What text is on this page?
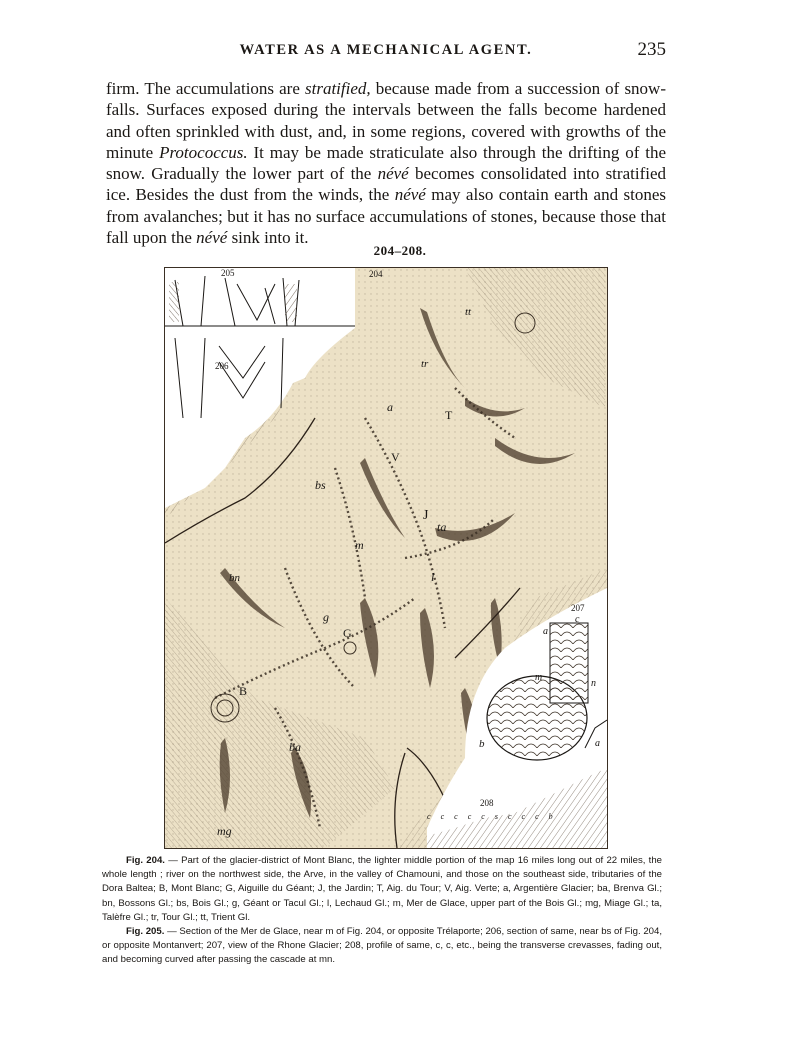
WATER AS A MECHANICAL AGENT.	235
firm. The accumulations are stratified, because made from a succession of snow-falls. Surfaces exposed during the intervals between the falls become hardened and often sprinkled with dust, and, in some regions, covered with growths of the minute Protococcus. It may be made straticulate also through the drifting of the snow. Gradually the lower part of the névé becomes consolidated into stratified ice. Besides the dust from the winds, the névé may also contain earth and stones from avalanches; but it has no surface accumulations of stones, because those that fall upon the névé sink into it.
204–208.
205	204
206
207
208
tt
tr
a
T
V
bs
J
ta
m
l
bn
g
G
B
ba
mg
c
a
m
n
b	a
c c c c c s c c c b

Fig. 204. — Part of the glacier-district of Mont Blanc, the lighter middle portion of the map 16 miles long out of 22 miles, the whole length ; river on the northwest side, the Arve, in the valley of Chamouni, and those on the southeast side, tributaries of the Dora Baltea; B, Mont Blanc; G, Aiguille du Géant; J, the Jardin; T, Aig. du Tour; V, Aig. Verte; a, Argentière Glacier; ba, Brenva Gl.; bn, Bossons Gl.; bs, Bois Gl.; g, Géant or Tacul Gl.; l, Lechaud Gl.; m, Mer de Glace, upper part of the Bois Gl.; mg, Miage Gl.; ta, Talèfre Gl.; tr, Tour Gl.; tt, Trient Gl.

Fig. 205. — Section of the Mer de Glace, near m of Fig. 204, or opposite Trélaporte; 206, section of same, near bs of Fig. 204, or opposite Montanvert; 207, view of the Rhone Glacier; 208, profile of same, c, c, etc., being the transverse crevasses, fading out, and becoming curved after passing the cascade at mn.
